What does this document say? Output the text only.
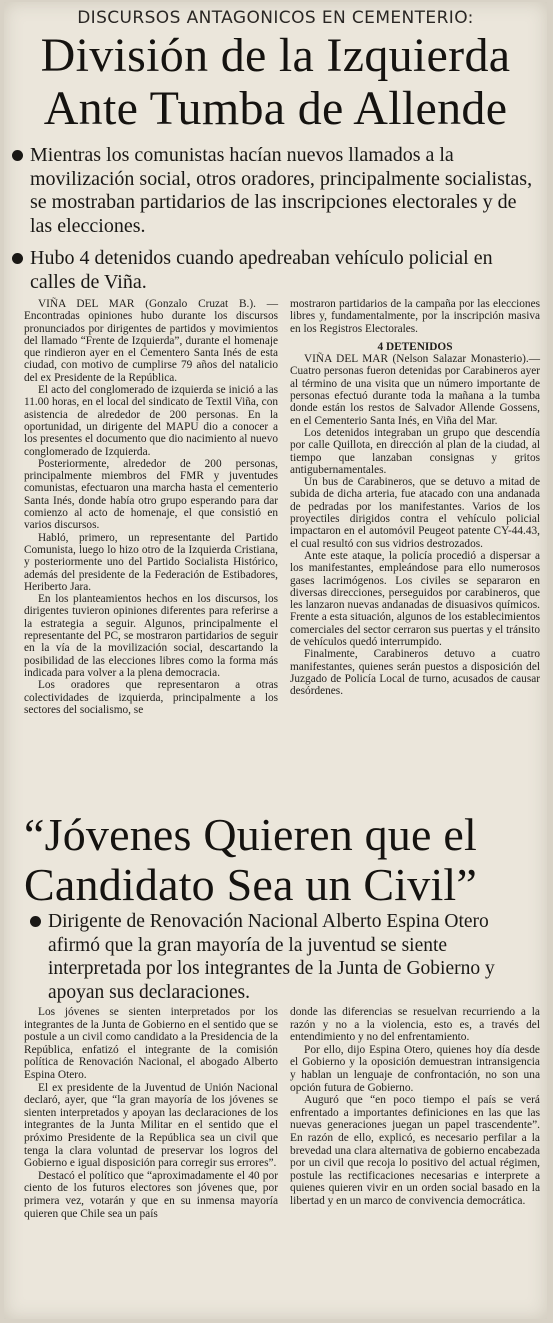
DISCURSOS ANTAGONICOS EN CEMENTERIO:
División de la Izquierda
Ante Tumba de Allende
Mientras los comunistas hacían nuevos llamados a la movilización social, otros oradores, principalmente socialistas, se mostraban partidarios de las inscripciones electorales y de las elecciones.
Hubo 4 detenidos cuando apedreaban vehículo policial en calles de Viña.

VIÑA DEL MAR (Gonzalo Cruzat B.). — Encontradas opiniones hubo durante los discursos pronunciados por dirigentes de partidos y movimientos del llamado “Frente de Izquierda”, durante el homenaje que rindieron ayer en el Cementero Santa Inés de esta ciudad, con motivo de cumplirse 79 años del natalicio del ex Presidente de la República.

El acto del conglomerado de izquierda se inició a las 11.00 horas, en el local del sindicato de Textil Viña, con asistencia de alrededor de 200 personas. En la oportunidad, un dirigente del MAPU dio a conocer a los presentes el documento que dio nacimiento al nuevo conglomerado de Izquierda.

Posteriormente, alrededor de 200 personas, principalmente miembros del FMR y juventudes comunistas, efectuaron una marcha hasta el cementerio Santa Inés, donde había otro grupo esperando para dar comienzo al acto de homenaje, el que consistió en varios discursos.

Habló, primero, un representante del Partido Comunista, luego lo hizo otro de la Izquierda Cristiana, y posteriormente uno del Partido Socialista Histórico, además del presidente de la Federación de Estibadores, Heriberto Jara.

En los planteamientos hechos en los discursos, los dirigentes tuvieron opiniones diferentes para referirse a la estrategia a seguir. Algunos, principalmente el representante del PC, se mostraron partidarios de seguir en la vía de la movilización social, descartando la posibilidad de las elecciones libres como la forma más indicada para volver a la plena democracia.

Los oradores que representaron a otras colectividades de izquierda, principalmente a los sectores del socialismo, se

mostraron partidarios de la campaña por las elecciones libres y, fundamentalmente, por la inscripción masiva en los Registros Electorales.

4 DETENIDOS

VIÑA DEL MAR (Nelson Salazar Monasterio).— Cuatro personas fueron detenidas por Carabineros ayer al término de una visita que un número importante de personas efectuó durante toda la mañana a la tumba donde están los restos de Salvador Allende Gossens, en el Cementerio Santa Inés, en Viña del Mar.

Los detenidos integraban un grupo que descendía por calle Quillota, en dirección al plan de la ciudad, al tiempo que lanzaban consignas y gritos antigubernamentales.

Un bus de Carabineros, que se detuvo a mitad de subida de dicha arteria, fue atacado con una andanada de pedradas por los manifestantes. Varios de los proyectiles dirigidos contra el vehículo policial impactaron en el automóvil Peugeot patente CY-44.43, el cual resultó con sus vidrios destrozados.

Ante este ataque, la policía procedió a dispersar a los manifestantes, empleándose para ello numerosos gases lacrimógenos. Los civiles se separaron en diversas direcciones, perseguidos por carabineros, que les lanzaron nuevas andanadas de disuasivos químicos. Frente a esta situación, algunos de los establecimientos comerciales del sector cerraron sus puertas y el tránsito de vehículos quedó interrumpido.

Finalmente, Carabineros detuvo a cuatro manifestantes, quienes serán puestos a disposición del Juzgado de Policía Local de turno, acusados de causar desórdenes.

“Jóvenes Quieren que el
Candidato Sea un Civil”
Dirigente de Renovación Nacional Alberto Espina Otero afirmó que la gran mayoría de la juventud se siente interpretada por los integrantes de la Junta de Gobierno y apoyan sus declaraciones.

Los jóvenes se sienten interpretados por los integrantes de la Junta de Gobierno en el sentido que se postule a un civil como candidato a la Presidencia de la República, enfatizó el integrante de la comisión política de Renovación Nacional, el abogado Alberto Espina Otero.

El ex presidente de la Juventud de Unión Nacional declaró, ayer, que “la gran mayoría de los jóvenes se sienten interpretados y apoyan las declaraciones de los integrantes de la Junta Militar en el sentido que el próximo Presidente de la República sea un civil que tenga la clara voluntad de preservar los logros del Gobierno e igual disposición para corregir sus errores”.

Destacó el político que “aproximadamente el 40 por ciento de los futuros electores son jóvenes que, por primera vez, votarán y que en su inmensa mayoría quieren que Chile sea un país

donde las diferencias se resuelvan recurriendo a la razón y no a la violencia, esto es, a través del entendimiento y no del enfrentamiento.

Por ello, dijo Espina Otero, quienes hoy día desde el Gobierno y la oposición demuestran intransigencia y hablan un lenguaje de confrontación, no son una opción futura de Gobierno.

Auguró que “en poco tiempo el país se verá enfrentado a importantes definiciones en las que las nuevas generaciones juegan un papel trascendente”. En razón de ello, explicó, es necesario perfilar a la brevedad una clara alternativa de gobierno encabezada por un civil que recoja lo positivo del actual régimen, postule las rectificaciones necesarias e interprete a quienes quieren vivir en un orden social basado en la libertad y en un marco de convivencia democrática.
